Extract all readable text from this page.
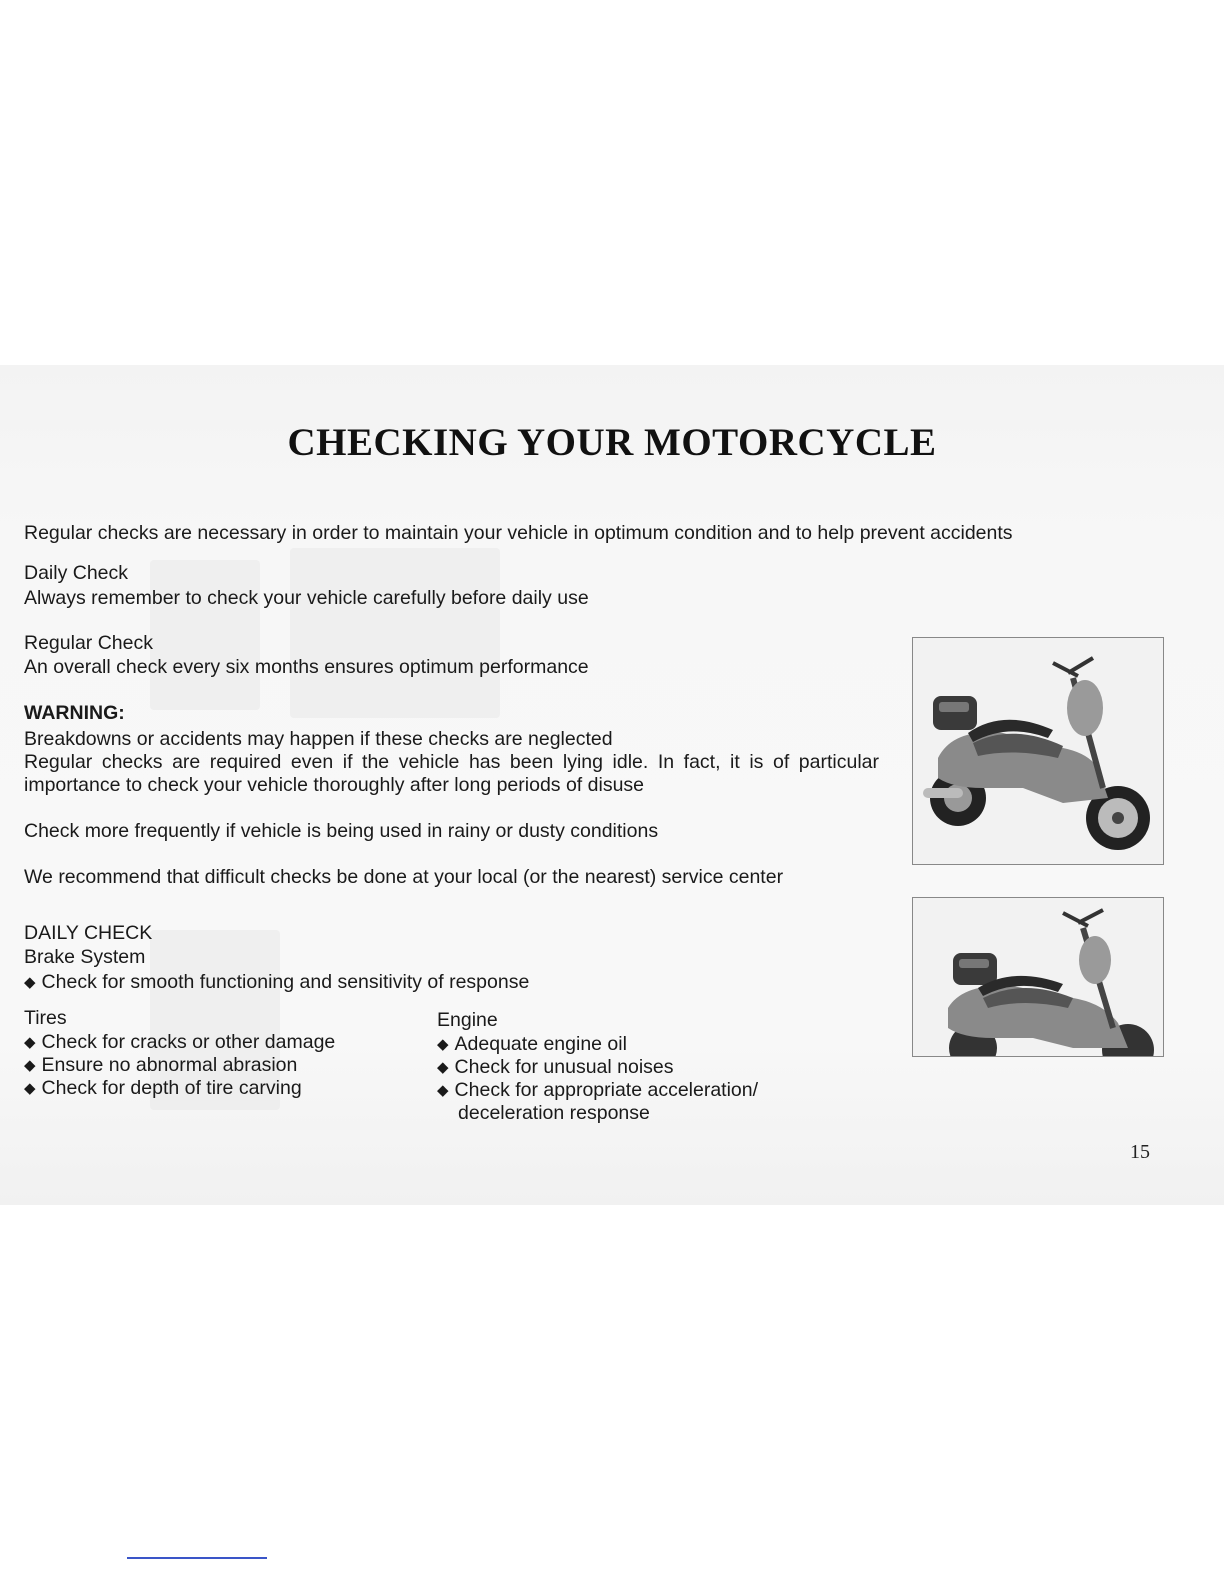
CHECKING YOUR MOTORCYCLE
Regular checks are necessary in order to maintain your vehicle in optimum condition and to help prevent accidents
Daily Check
Always remember to check your vehicle carefully before daily use
Regular Check
An overall check every six months ensures optimum performance
WARNING:
Breakdowns or accidents may happen if these checks are neglected
Regular checks are required even if the vehicle has been lying idle. In fact, it is of particular importance to check your vehicle thoroughly after long periods of disuse
Check more frequently if vehicle is being used in rainy or dusty conditions
We recommend that difficult checks be done at your local (or the nearest) service center
DAILY CHECK
Brake System
◆ Check for smooth functioning and sensitivity of response
Tires
◆ Check for cracks or other damage
◆ Ensure no abnormal abrasion
◆ Check for depth of tire carving
Engine
◆ Adequate engine oil
◆ Check for unusual noises
◆ Check for appropriate acceleration/
deceleration response
15
